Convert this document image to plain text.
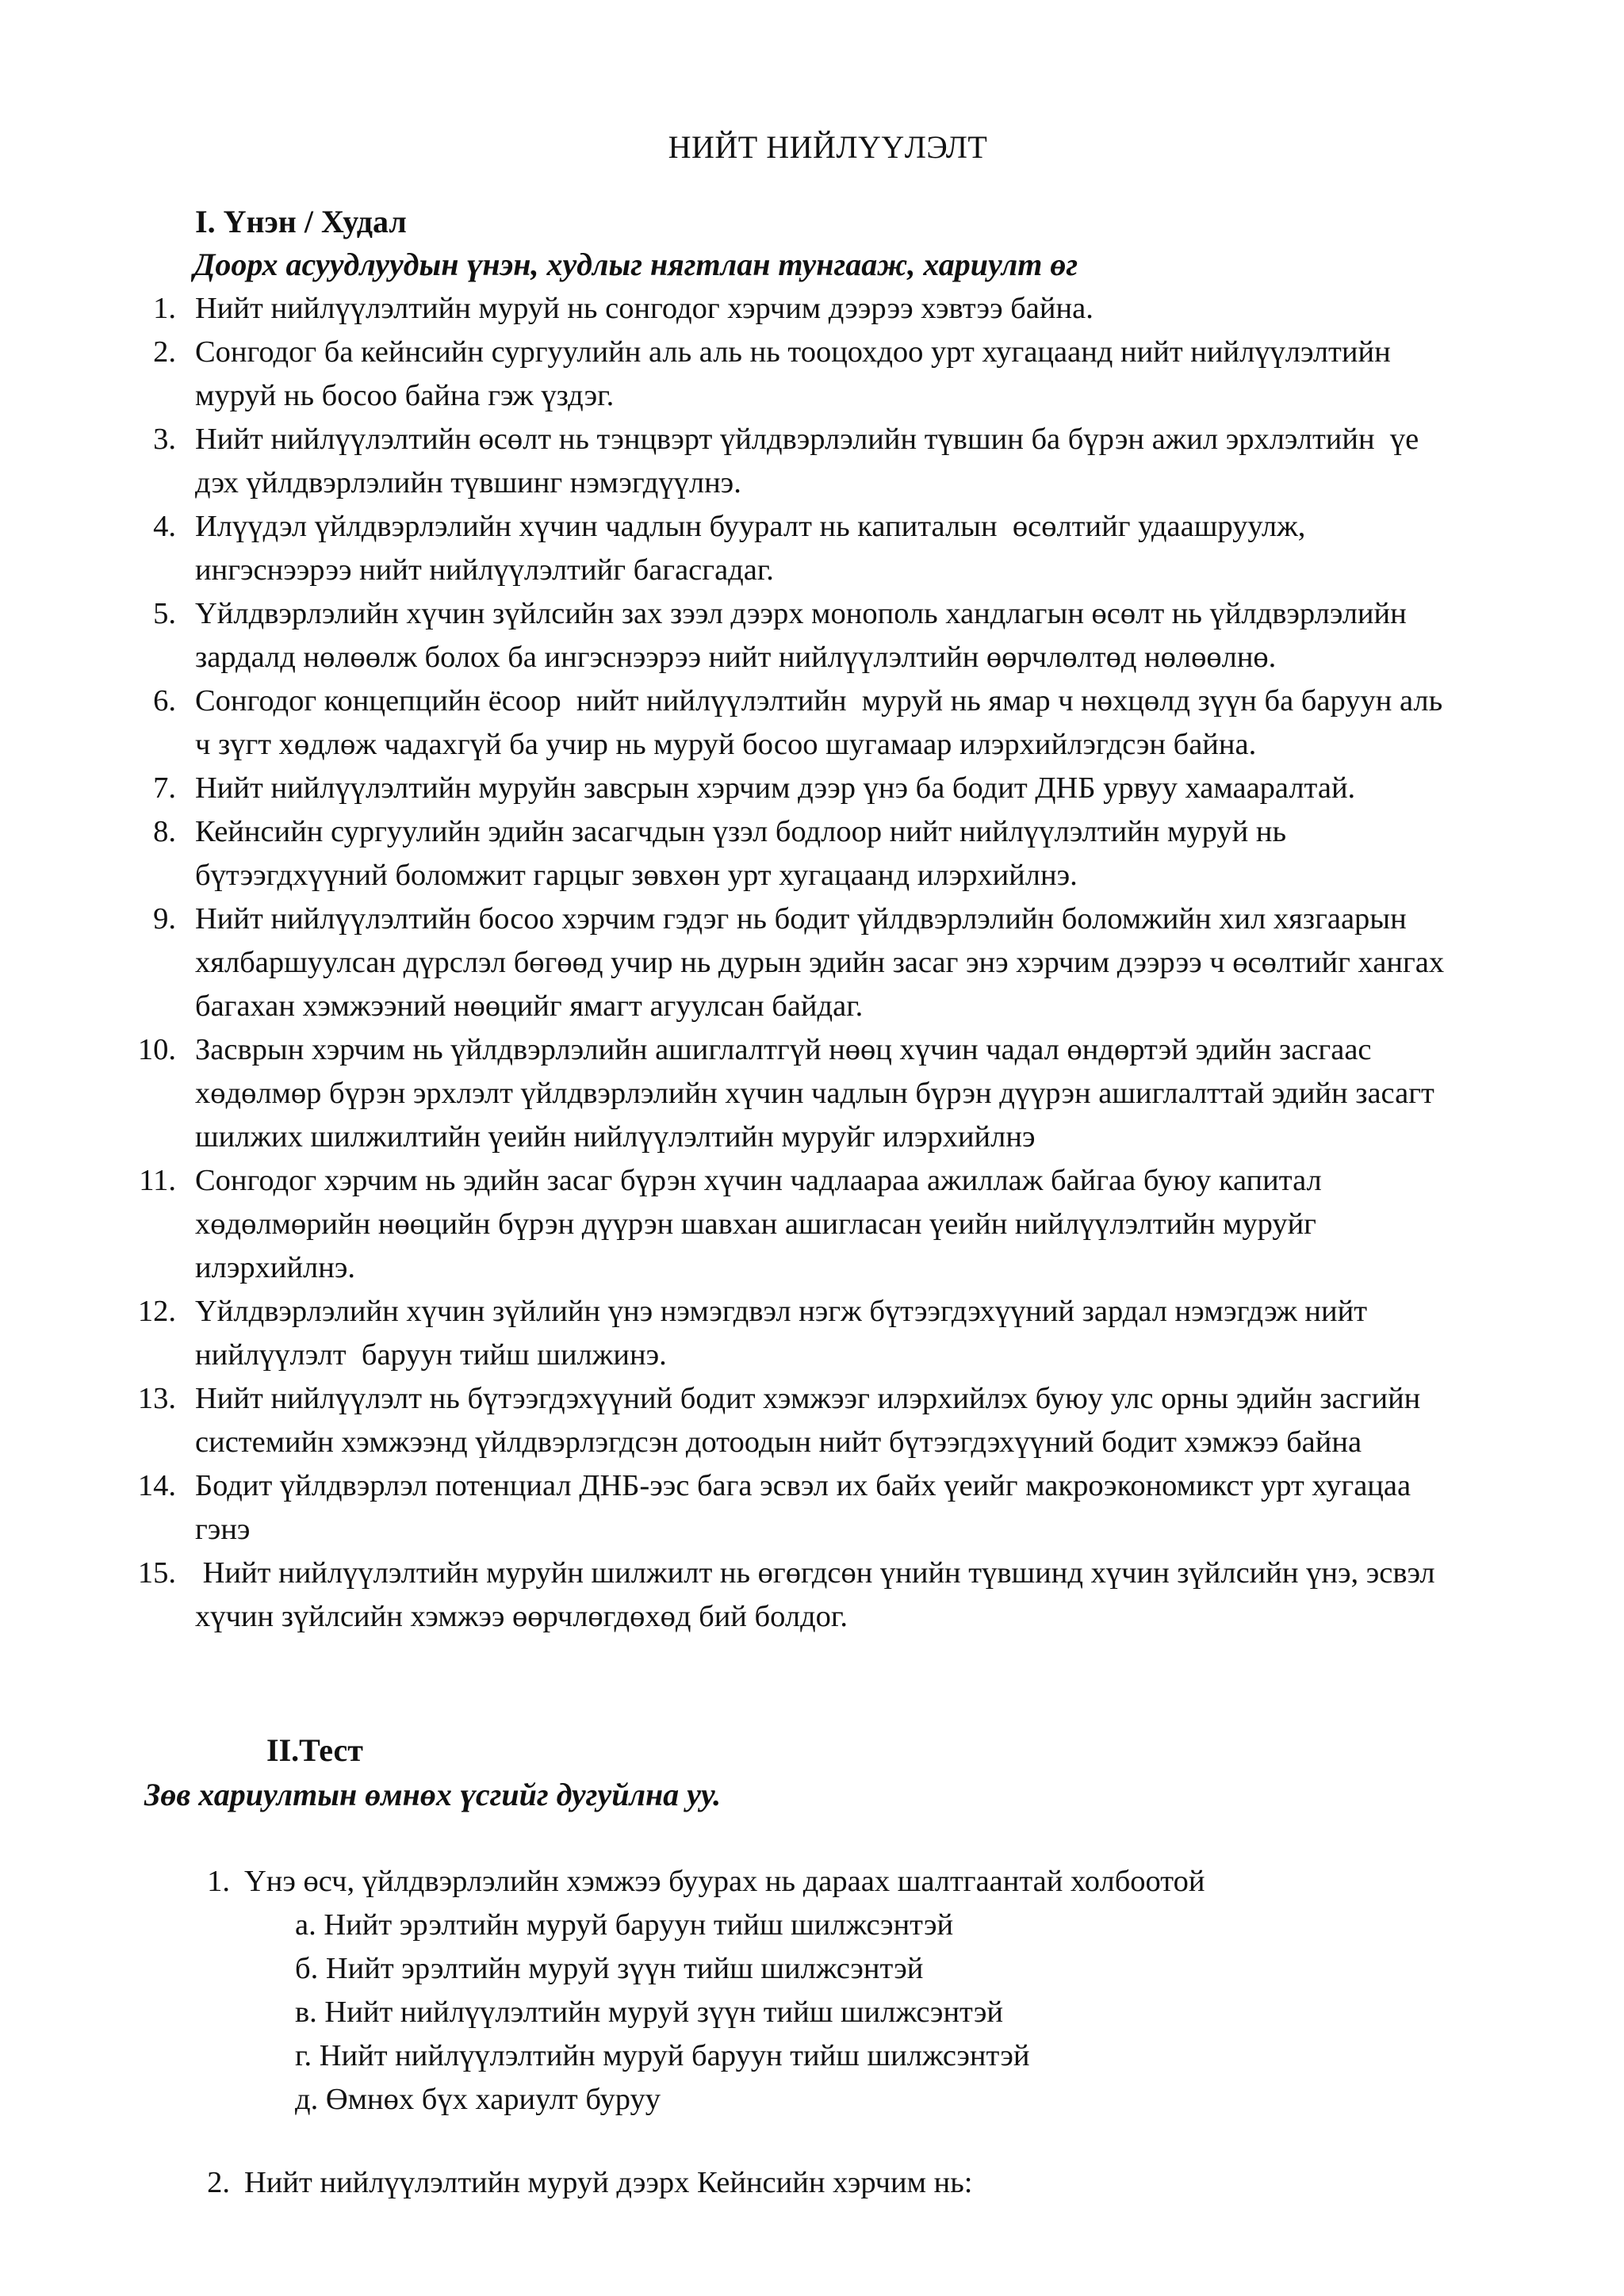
НИЙТ НИЙЛҮҮЛЭЛТ
I. Үнэн / Худал
Доорх асуудлуудын үнэн, худлыг нягтлан тунгааж, хариулт өг
1. Нийт нийлүүлэлтийн муруй нь сонгодог хэрчим дээрээ хэвтээ байна.
2. Сонгодог ба кейнсийн сургуулийн аль аль нь тооцохдоо урт хугацаанд нийт нийлүүлэлтийн
муруй нь босоо байна гэж үздэг.
3. Нийт нийлүүлэлтийн өсөлт нь тэнцвэрт үйлдвэрлэлийн түвшин ба бүрэн ажил эрхлэлтийн  үе
дэх үйлдвэрлэлийн түвшинг нэмэгдүүлнэ.
4. Илүүдэл үйлдвэрлэлийн хүчин чадлын бууралт нь капиталын  өсөлтийг удаашруулж,
ингэснээрээ нийт нийлүүлэлтийг багасгадаг.
5. Үйлдвэрлэлийн хүчин зүйлсийн зах зээл дээрх монополь хандлагын өсөлт нь үйлдвэрлэлийн
зардалд нөлөөлж болох ба ингэснээрээ нийт нийлүүлэлтийн өөрчлөлтөд нөлөөлнө.
6. Сонгодог концепцийн ёсоор  нийт нийлүүлэлтийн  муруй нь ямар ч нөхцөлд зүүн ба баруун аль
ч зүгт хөдлөж чадахгүй ба учир нь муруй босоо шугамаар илэрхийлэгдсэн байна.
7. Нийт нийлүүлэлтийн муруйн завсрын хэрчим дээр үнэ ба бодит ДНБ урвуу хамааралтай.
8. Кейнсийн сургуулийн эдийн засагчдын үзэл бодлоор нийт нийлүүлэлтийн муруй нь
бүтээгдхүүний боломжит гарцыг зөвхөн урт хугацаанд илэрхийлнэ.
9. Нийт нийлүүлэлтийн босоо хэрчим гэдэг нь бодит үйлдвэрлэлийн боломжийн хил хязгаарын
хялбаршуулсан дүрслэл бөгөөд учир нь дурын эдийн засаг энэ хэрчим дээрээ ч өсөлтийг хангах
багахан хэмжээний нөөцийг ямагт агуулсан байдаг.
10. Засврын хэрчим нь үйлдвэрлэлийн ашиглалтгүй нөөц хүчин чадал өндөртэй эдийн засгаас
хөдөлмөр бүрэн эрхлэлт үйлдвэрлэлийн хүчин чадлын бүрэн дүүрэн ашиглалттай эдийн засагт
шилжих шилжилтийн үеийн нийлүүлэлтийн муруйг илэрхийлнэ
11. Сонгодог хэрчим нь эдийн засаг бүрэн хүчин чадлаараа ажиллаж байгаа буюу капитал
хөдөлмөрийн нөөцийн бүрэн дүүрэн шавхан ашигласан үеийн нийлүүлэлтийн муруйг
илэрхийлнэ.
12. Үйлдвэрлэлийн хүчин зүйлийн үнэ нэмэгдвэл нэгж бүтээгдэхүүний зардал нэмэгдэж нийт
нийлүүлэлт  баруун тийш шилжинэ.
13. Нийт нийлүүлэлт нь бүтээгдэхүүний бодит хэмжээг илэрхийлэх буюу улс орны эдийн засгийн
системийн хэмжээнд үйлдвэрлэгдсэн дотоодын нийт бүтээгдэхүүний бодит хэмжээ байна
14. Бодит үйлдвэрлэл потенциал ДНБ-ээс бага эсвэл их байх үеийг макроэкономикст урт хугацаа
гэнэ
15. Нийт нийлүүлэлтийн муруйн шилжилт нь өгөгдсөн үнийн түвшинд хүчин зүйлсийн үнэ, эсвэл
хүчин зүйлсийн хэмжээ өөрчлөгдөхөд бий болдог.
II.Тест
Зөв хариултын өмнөх үсгийг дугуйлна уу.
1. Үнэ өсч, үйлдвэрлэлийн хэмжээ буурах нь дараах шалтгаантай холбоотой
а. Нийт эрэлтийн муруй баруун тийш шилжсэнтэй
б. Нийт эрэлтийн муруй зүүн тийш шилжсэнтэй
в. Нийт нийлүүлэлтийн муруй зүүн тийш шилжсэнтэй
г. Нийт нийлүүлэлтийн муруй баруун тийш шилжсэнтэй
д. Өмнөх бүх хариулт буруу
2. Нийт нийлүүлэлтийн муруй дээрх Кейнсийн хэрчим нь:
